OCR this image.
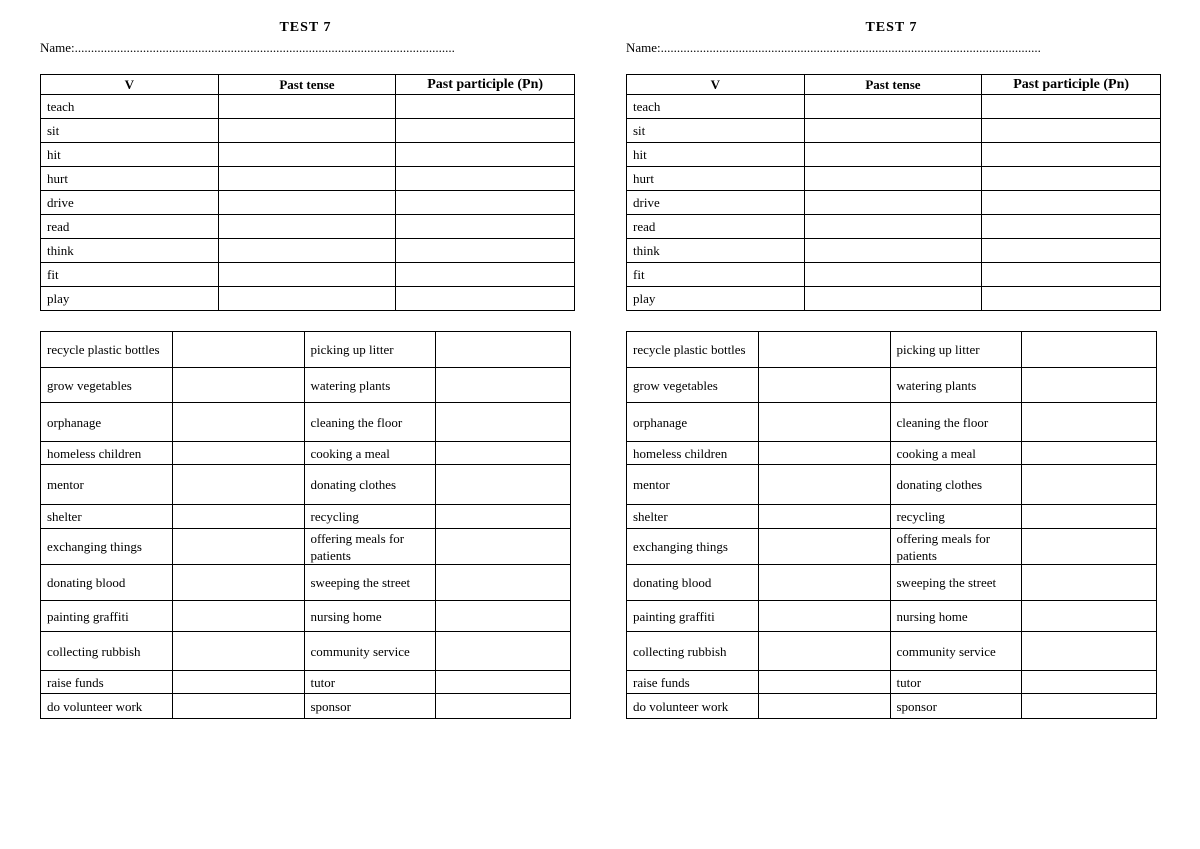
TEST 7
Name:.....................................................................................................................
V	Past tense	Past participle (Pn)
teach		
sit		
hit		
hurt		
drive		
read		
think		
fit		
play		
recycle plastic bottles		picking up litter	
grow vegetables		watering plants	
orphanage		cleaning the floor	
homeless children		cooking a meal	
mentor		donating clothes	
shelter		recycling	
exchanging things		offering meals for patients	
donating blood		sweeping the street	
painting graffiti		nursing home	
collecting rubbish		community service	
raise funds		tutor	
do volunteer work		sponsor	
TEST 7
Name:.....................................................................................................................
V	Past tense	Past participle (Pn)
teach		
sit		
hit		
hurt		
drive		
read		
think		
fit		
play		
recycle plastic bottles		picking up litter	
grow vegetables		watering plants	
orphanage		cleaning the floor	
homeless children		cooking a meal	
mentor		donating clothes	
shelter		recycling	
exchanging things		offering meals for patients	
donating blood		sweeping the street	
painting graffiti		nursing home	
collecting rubbish		community service	
raise funds		tutor	
do volunteer work		sponsor	
